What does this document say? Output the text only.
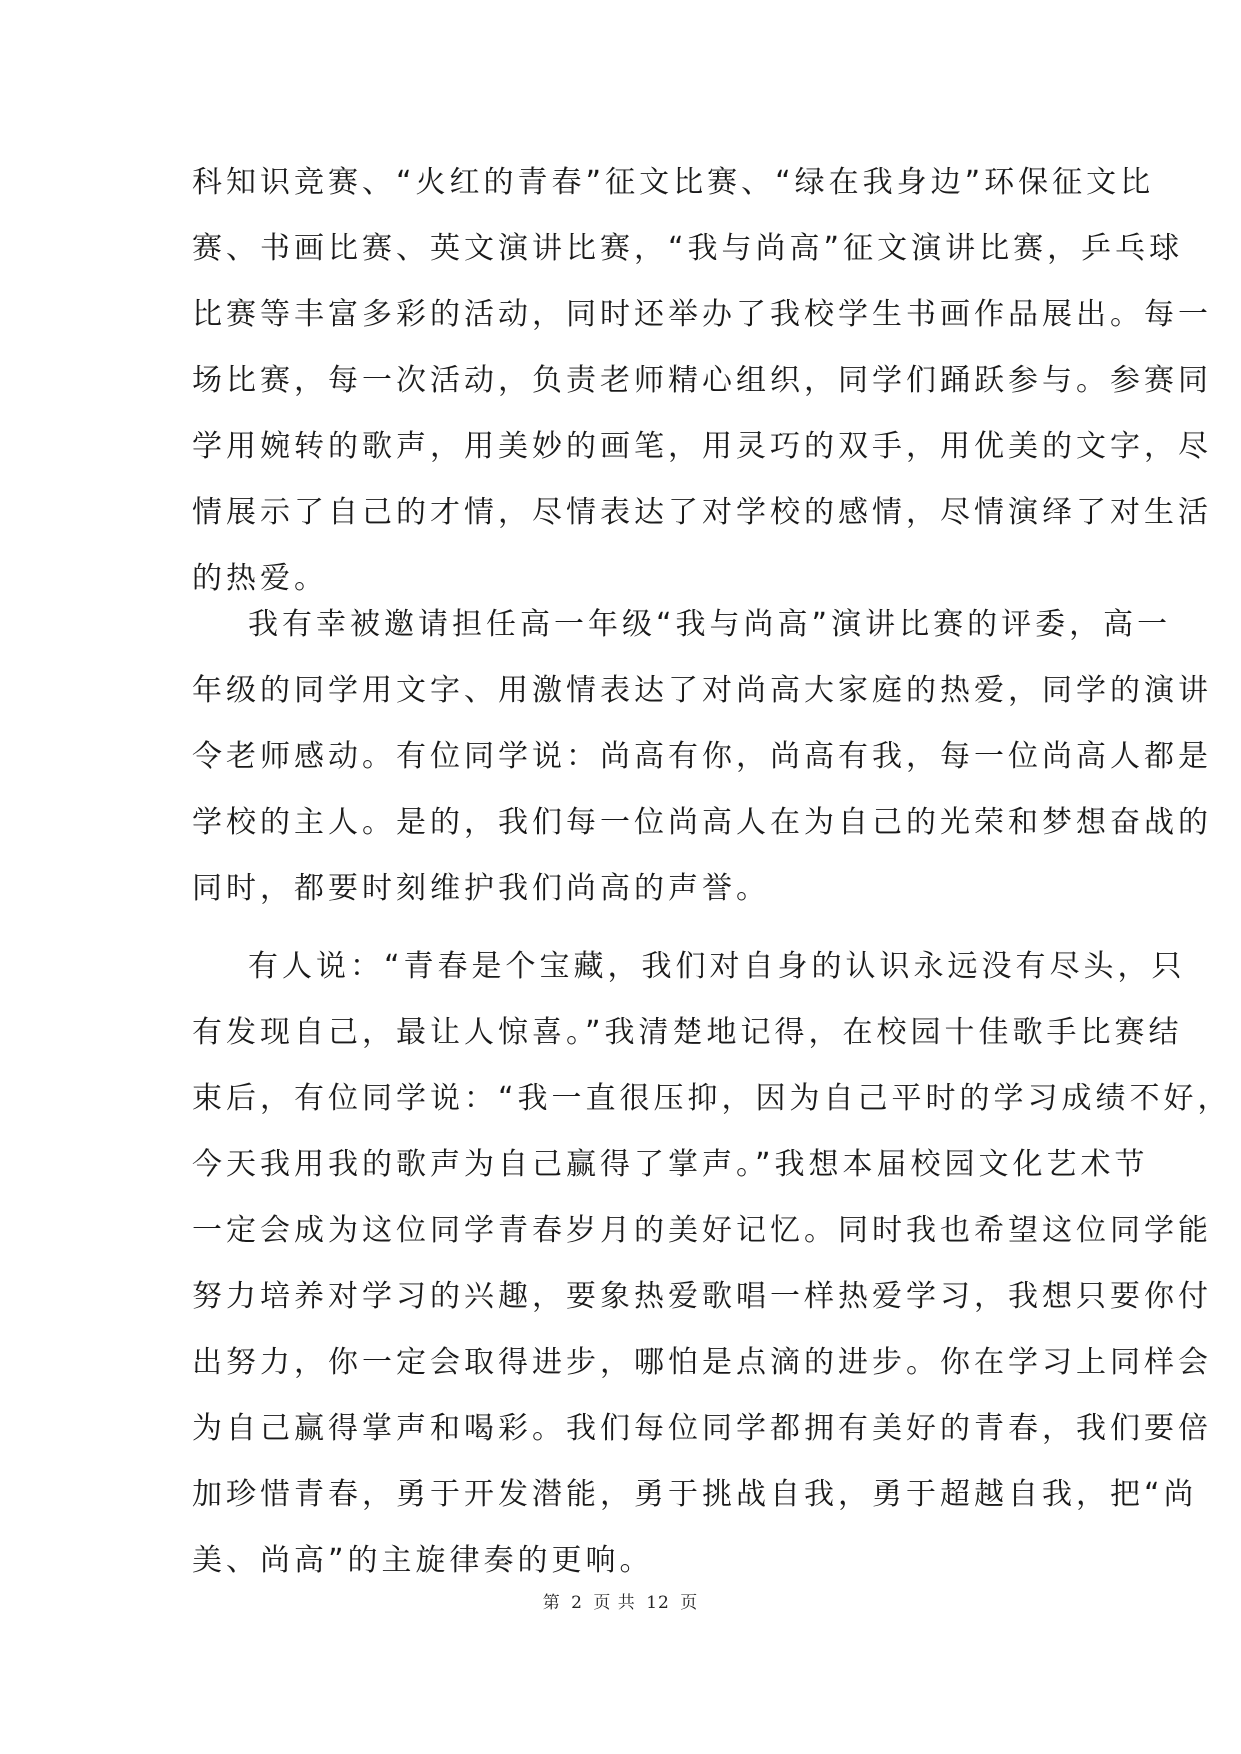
科知识竞赛、“火红的青春”征文比赛、“绿在我身边”环保征文比
赛、书画比赛、英文演讲比赛，“我与尚高”征文演讲比赛，乒乓球
比赛等丰富多彩的活动，同时还举办了我校学生书画作品展出。每一
场比赛，每一次活动，负责老师精心组织，同学们踊跃参与。参赛同
学用婉转的歌声，用美妙的画笔，用灵巧的双手，用优美的文字，尽
情展示了自己的才情，尽情表达了对学校的感情，尽情演绎了对生活
的热爱。
我有幸被邀请担任高一年级“我与尚高”演讲比赛的评委，高一
年级的同学用文字、用激情表达了对尚高大家庭的热爱，同学的演讲
令老师感动。有位同学说：尚高有你，尚高有我，每一位尚高人都是
学校的主人。是的，我们每一位尚高人在为自己的光荣和梦想奋战的
同时，都要时刻维护我们尚高的声誉。
有人说：“青春是个宝藏，我们对自身的认识永远没有尽头，只
有发现自己，最让人惊喜。”我清楚地记得，在校园十佳歌手比赛结
束后，有位同学说：“我一直很压抑，因为自己平时的学习成绩不好，
今天我用我的歌声为自己赢得了掌声。”我想本届校园文化艺术节
一定会成为这位同学青春岁月的美好记忆。同时我也希望这位同学能
努力培养对学习的兴趣，要象热爱歌唱一样热爱学习，我想只要你付
出努力，你一定会取得进步，哪怕是点滴的进步。你在学习上同样会
为自己赢得掌声和喝彩。我们每位同学都拥有美好的青春，我们要倍
加珍惜青春，勇于开发潜能，勇于挑战自我，勇于超越自我，把“尚
美、尚高”的主旋律奏的更响。
第 2 页 共 12 页
